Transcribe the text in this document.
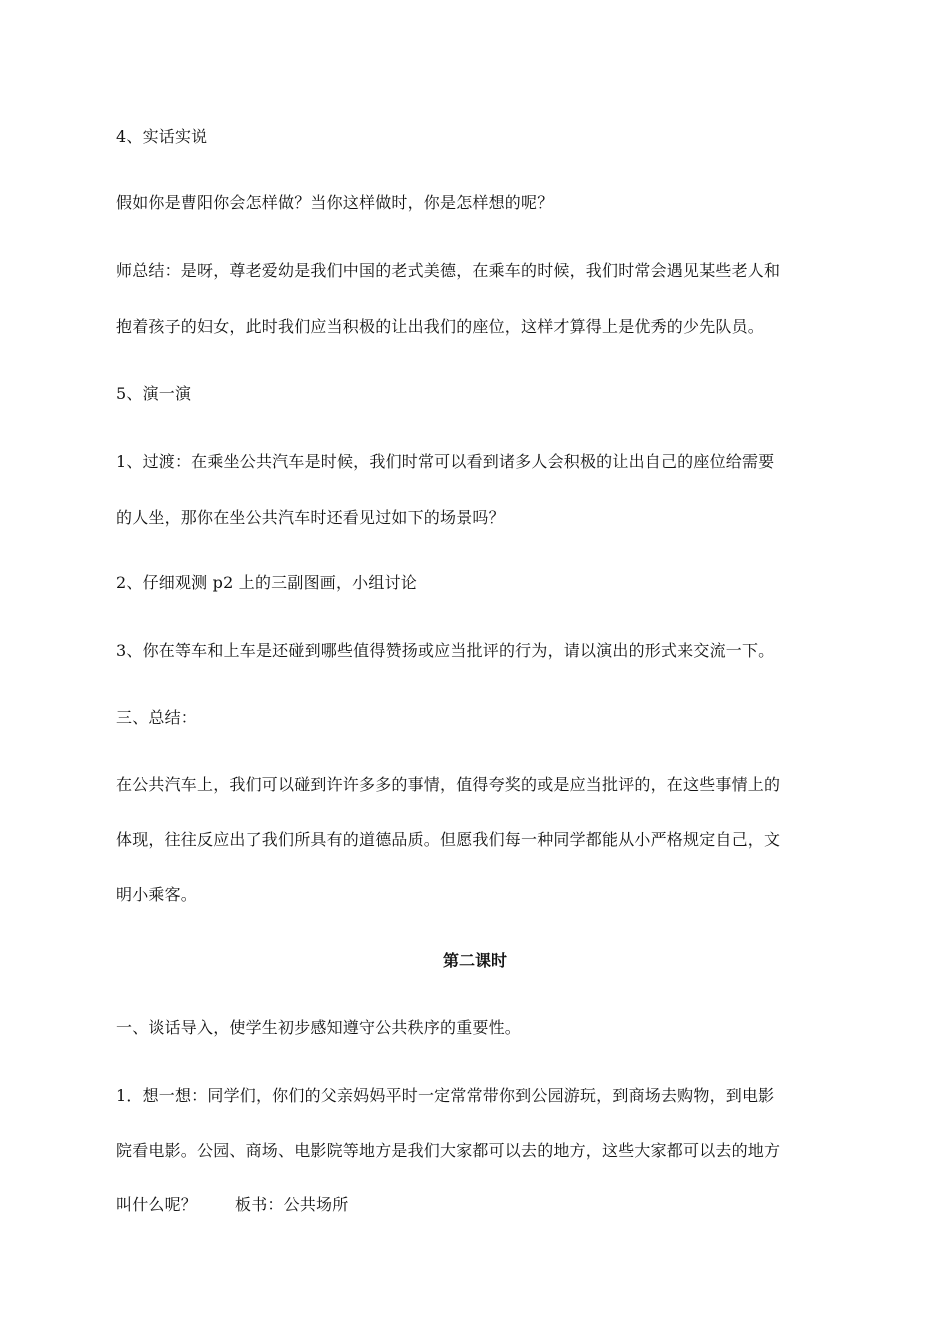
4、实话实说
假如你是曹阳你会怎样做？当你这样做时，你是怎样想的呢？
师总结：是呀，尊老爱幼是我们中国的老式美德，在乘车的时候，我们时常会遇见某些老人和
抱着孩子的妇女，此时我们应当积极的让出我们的座位，这样才算得上是优秀的少先队员。
5、演一演
1、过渡：在乘坐公共汽车是时候，我们时常可以看到诸多人会积极的让出自己的座位给需要
的人坐，那你在坐公共汽车时还看见过如下的场景吗？
2、仔细观测 p2 上的三副图画，小组讨论
3、你在等车和上车是还碰到哪些值得赞扬或应当批评的行为，请以演出的形式来交流一下。
三、总结：
在公共汽车上，我们可以碰到许许多多的事情，值得夸奖的或是应当批评的，在这些事情上的
体现，往往反应出了我们所具有的道德品质。但愿我们每一种同学都能从小严格规定自己，文
明小乘客。
第二课时
一、谈话导入，使学生初步感知遵守公共秩序的重要性。
1．想一想：同学们，你们的父亲妈妈平时一定常常带你到公园游玩，到商场去购物，到电影
院看电影。公园、商场、电影院等地方是我们大家都可以去的地方，这些大家都可以去的地方
叫什么呢？ 板书：公共场所
